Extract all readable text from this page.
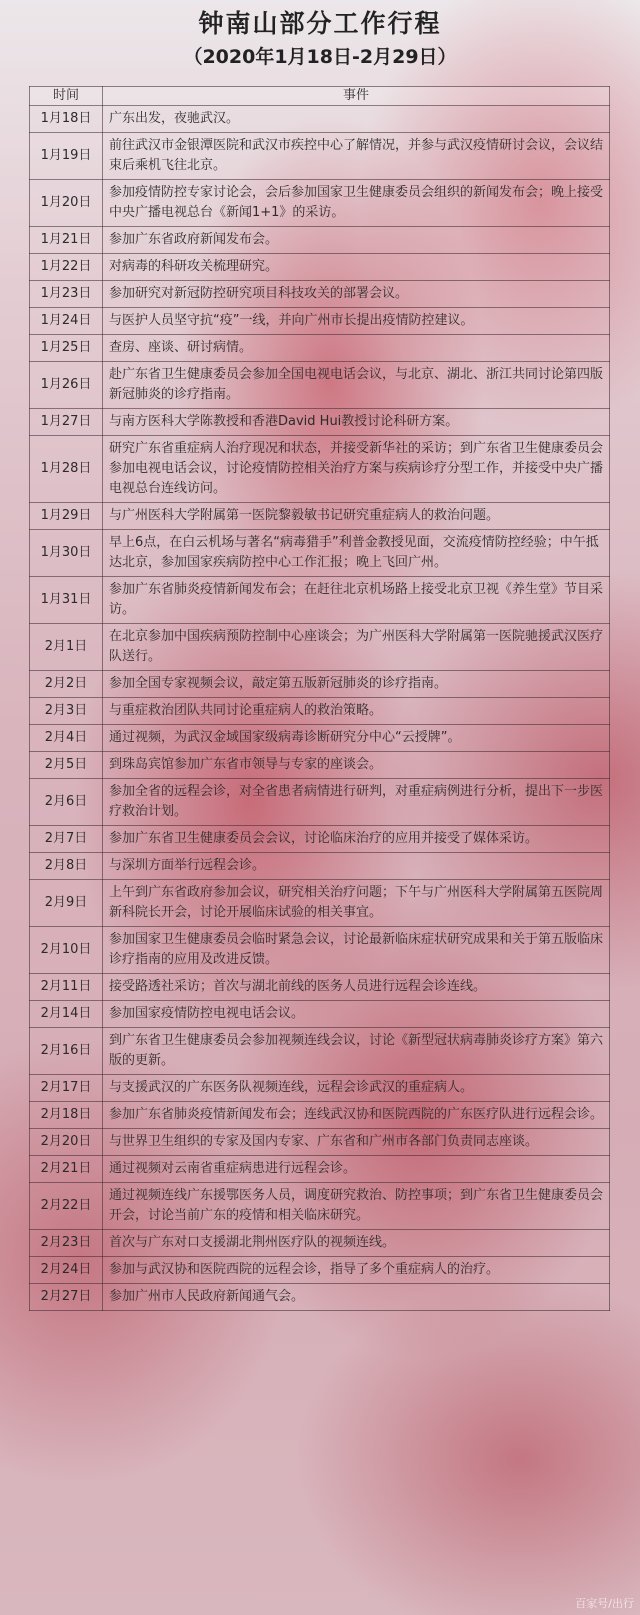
钟南山部分工作行程
（2020年1月18日-2月29日）
时间	事件
1月18日	广东出发，夜驰武汉。
1月19日	前往武汉市金银潭医院和武汉市疾控中心了解情况，并参与武汉疫情研讨会议，会议结束后乘机飞往北京。
1月20日	参加疫情防控专家讨论会，会后参加国家卫生健康委员会组织的新闻发布会；晚上接受中央广播电视总台《新闻1+1》的采访。
1月21日	参加广东省政府新闻发布会。
1月22日	对病毒的科研攻关梳理研究。
1月23日	参加研究对新冠防控研究项目科技攻关的部署会议。
1月24日	与医护人员坚守抗“疫”一线，并向广州市长提出疫情防控建议。
1月25日	查房、座谈、研讨病情。
1月26日	赴广东省卫生健康委员会参加全国电视电话会议，与北京、湖北、浙江共同讨论第四版新冠肺炎的诊疗指南。
1月27日	与南方医科大学陈教授和香港David Hui教授讨论科研方案。
1月28日	研究广东省重症病人治疗现况和状态，并接受新华社的采访；到广东省卫生健康委员会参加电视电话会议，讨论疫情防控相关治疗方案与疾病诊疗分型工作，并接受中央广播电视总台连线访问。
1月29日	与广州医科大学附属第一医院黎毅敏书记研究重症病人的救治问题。
1月30日	早上6点，在白云机场与著名“病毒猎手”利普金教授见面，交流疫情防控经验；中午抵达北京，参加国家疾病防控中心工作汇报；晚上飞回广州。
1月31日	参加广东省肺炎疫情新闻发布会；在赶往北京机场路上接受北京卫视《养生堂》节目采访。
2月1日	在北京参加中国疾病预防控制中心座谈会；为广州医科大学附属第一医院驰援武汉医疗队送行。
2月2日	参加全国专家视频会议，敲定第五版新冠肺炎的诊疗指南。
2月3日	与重症救治团队共同讨论重症病人的救治策略。
2月4日	通过视频，为武汉金域国家级病毒诊断研究分中心“云授牌”。
2月5日	到珠岛宾馆参加广东省市领导与专家的座谈会。
2月6日	参加全省的远程会诊，对全省患者病情进行研判，对重症病例进行分析，提出下一步医疗救治计划。
2月7日	参加广东省卫生健康委员会会议，讨论临床治疗的应用并接受了媒体采访。
2月8日	与深圳方面举行远程会诊。
2月9日	上午到广东省政府参加会议，研究相关治疗问题；下午与广州医科大学附属第五医院周新科院长开会，讨论开展临床试验的相关事宜。
2月10日	参加国家卫生健康委员会临时紧急会议，讨论最新临床症状研究成果和关于第五版临床诊疗指南的应用及改进反馈。
2月11日	接受路透社采访；首次与湖北前线的医务人员进行远程会诊连线。
2月14日	参加国家疫情防控电视电话会议。
2月16日	到广东省卫生健康委员会参加视频连线会议，讨论《新型冠状病毒肺炎诊疗方案》第六版的更新。
2月17日	与支援武汉的广东医务队视频连线，远程会诊武汉的重症病人。
2月18日	参加广东省肺炎疫情新闻发布会；连线武汉协和医院西院的广东医疗队进行远程会诊。
2月20日	与世界卫生组织的专家及国内专家、广东省和广州市各部门负责同志座谈。
2月21日	通过视频对云南省重症病患进行远程会诊。
2月22日	通过视频连线广东援鄂医务人员，调度研究救治、防控事项；到广东省卫生健康委员会开会，讨论当前广东的疫情和相关临床研究。
2月23日	首次与广东对口支援湖北荆州医疗队的视频连线。
2月24日	参加与武汉协和医院西院的远程会诊，指导了多个重症病人的治疗。
2月27日	参加广州市人民政府新闻通气会。
百家号/出行
